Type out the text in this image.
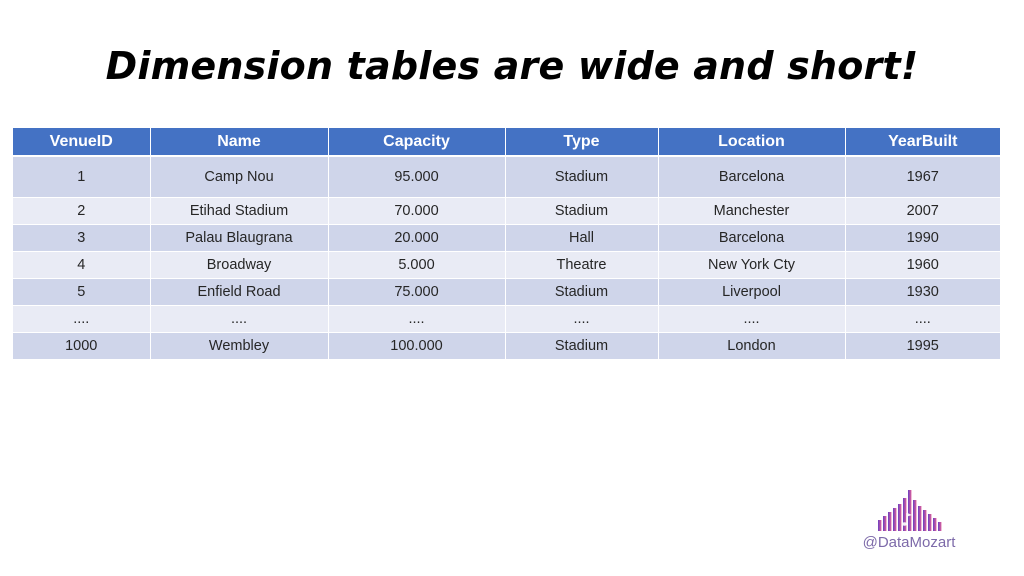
Dimension tables are wide and short!
VenueID	Name	Capacity	Type	Location	YearBuilt
1	Camp Nou	95.000	Stadium	Barcelona	1967
2	Etihad Stadium	70.000	Stadium	Manchester	2007
3	Palau Blaugrana	20.000	Hall	Barcelona	1990
4	Broadway	5.000	Theatre	New York Cty	1960
5	Enfield Road	75.000	Stadium	Liverpool	1930
....	....	....	....	....	....
1000	Wembley	100.000	Stadium	London	1995
@DataMozart
